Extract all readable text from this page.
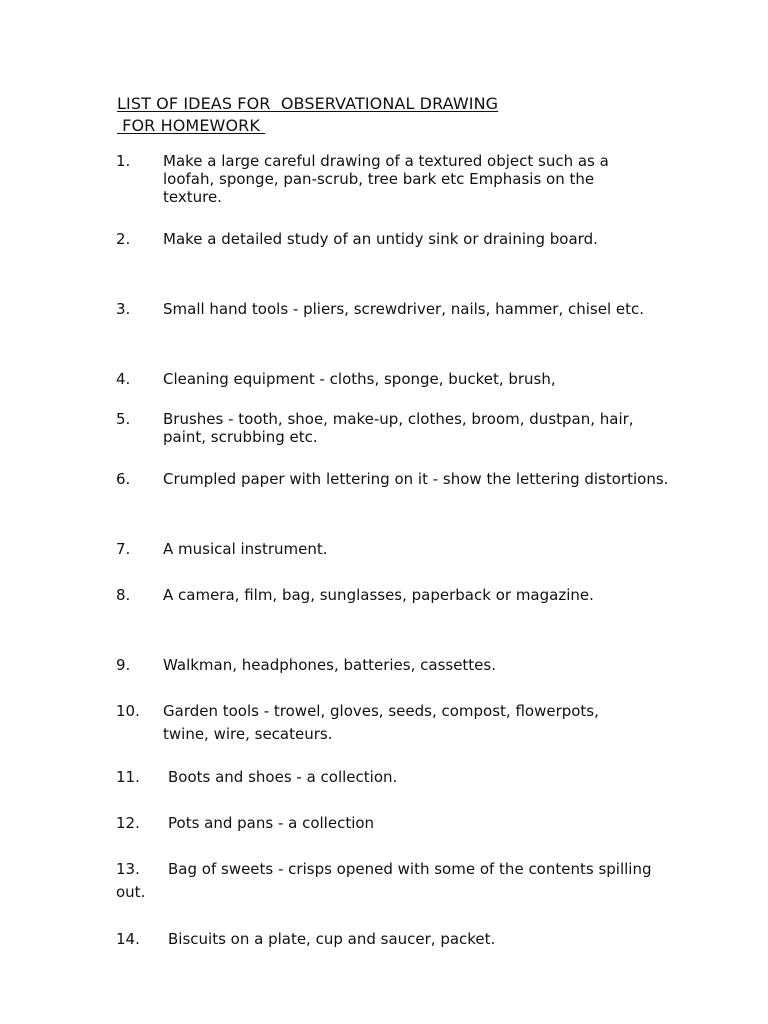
LIST OF IDEAS FOR  OBSERVATIONAL DRAWING

FOR HOMEWORK

1.	Make a large careful drawing of a textured object such as a loofah, sponge, pan-scrub, tree bark etc Emphasis on the texture.

2. Make a detailed study of an untidy sink or draining board.

3. Small hand tools - pliers, screwdriver, nails, hammer, chisel etc.

4. Cleaning equipment - cloths, sponge, bucket, brush,

5.	Brushes - tooth, shoe, make-up, clothes, broom, dustpan, hair, paint, scrubbing etc.

6. Crumpled paper with lettering on it - show the lettering distortions.

7. A musical instrument.

8. A camera, film, bag, sunglasses, paperback or magazine.

9. Walkman, headphones, batteries, cassettes.

10.	Garden tools - trowel, gloves, seeds, compost, flowerpots, twine, wire, secateurs.

11. Boots and shoes - a collection.

12. Pots and pans - a collection

13. Bag of sweets - crisps opened with some of the contents spilling out.

14. Biscuits on a plate, cup and saucer, packet.
